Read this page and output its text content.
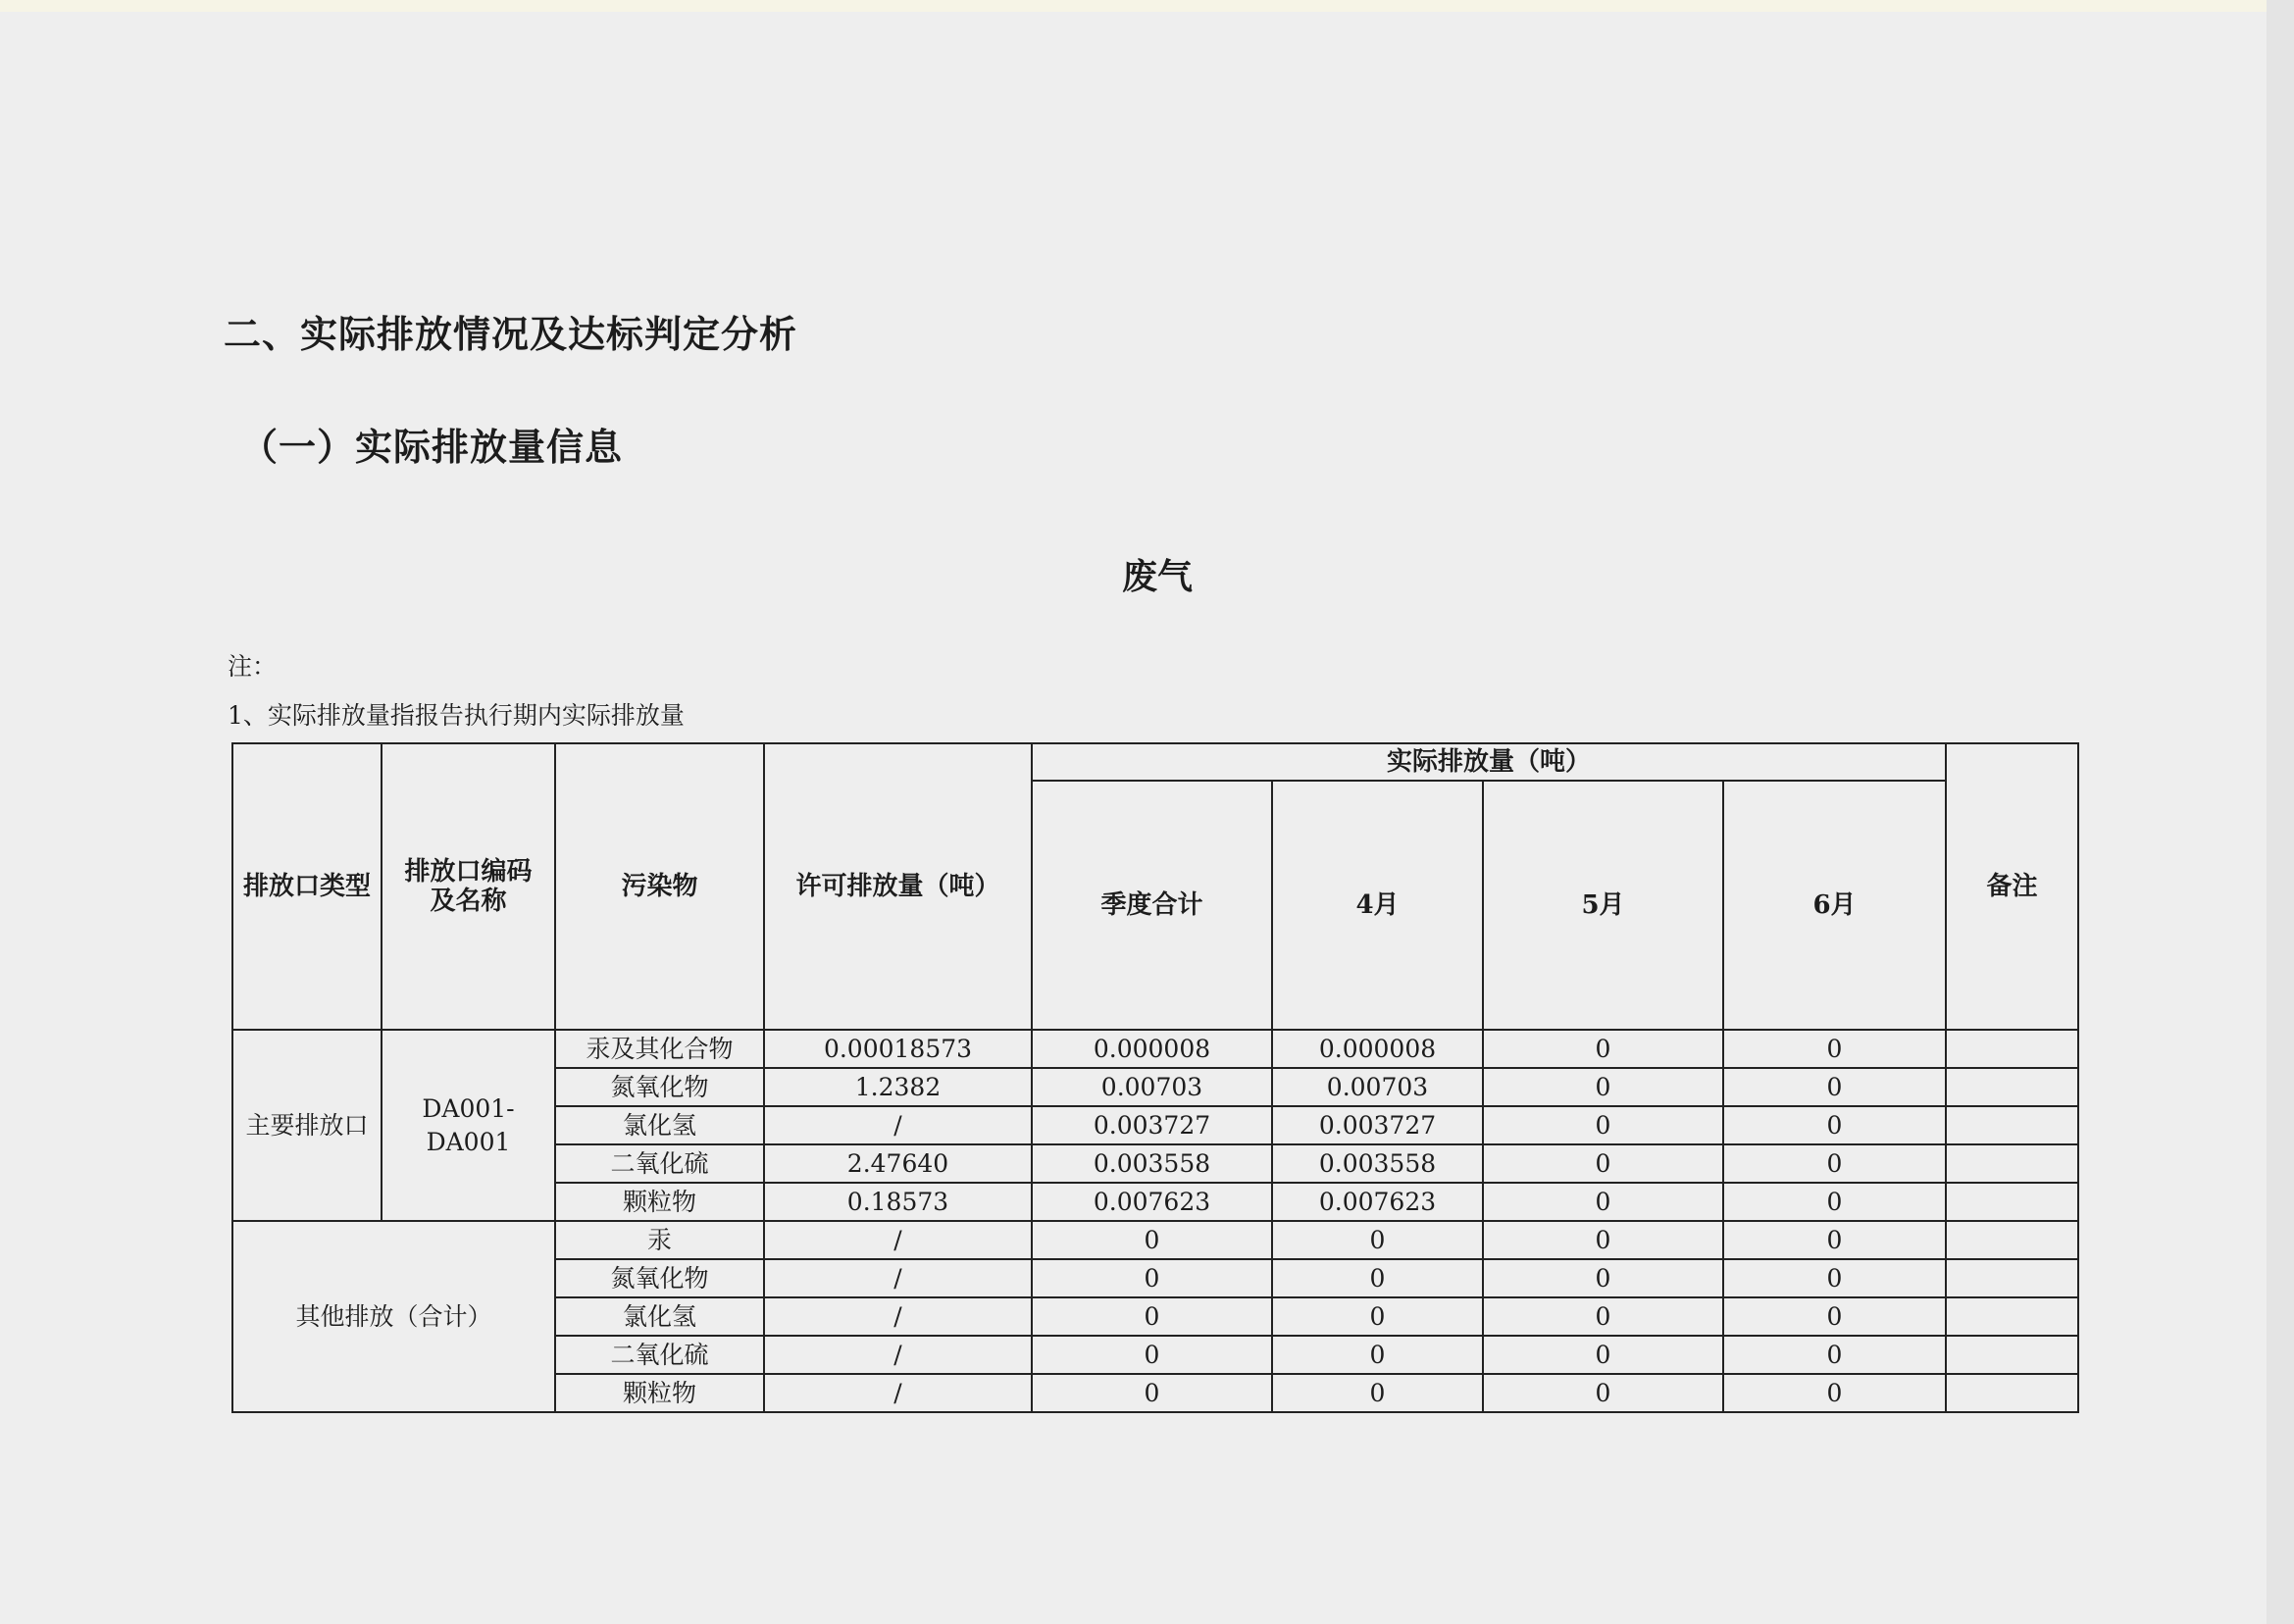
二、实际排放情况及达标判定分析
（一）实际排放量信息
废气
注：
1、实际排放量指报告执行期内实际排放量
排放口类型	排放口编码及名称	污染物	许可排放量（吨）	实际排放量（吨）				备注
				季度合计	4月	5月	6月	

主要排放口	DA001-DA001	汞及其化合物	0.00018573	0.000008	0.000008	0	0	
		氮氧化物	1.2382	0.00703	0.00703	0	0	
		氯化氢	/	0.003727	0.003727	0	0	
		二氧化硫	2.47640	0.003558	0.003558	0	0	
		颗粒物	0.18573	0.007623	0.007623	0	0	
其他排放（合计）		汞	/	0	0	0	0	
		氮氧化物	/	0	0	0	0	
		氯化氢	/	0	0	0	0	
		二氧化硫	/	0	0	0	0	
		颗粒物	/	0	0	0	0	
